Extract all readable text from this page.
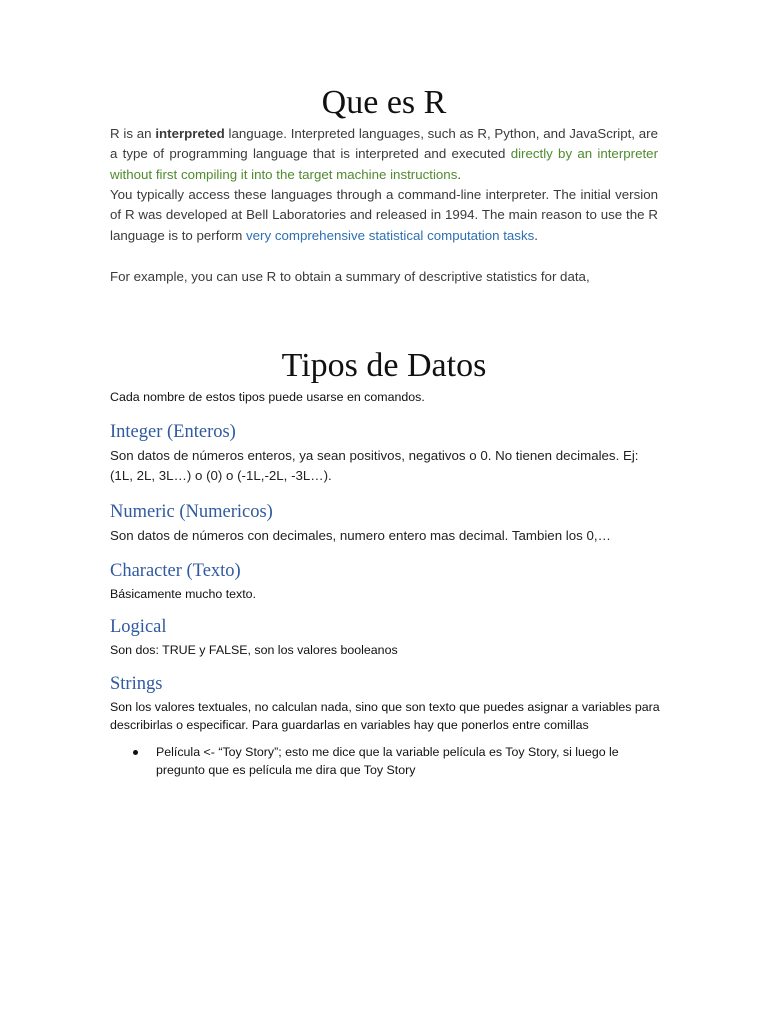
Que es R

R is an interpreted language. Interpreted languages, such as R, Python, and JavaScript, are a type of programming language that is interpreted and executed directly by an interpreter without first compiling it into the target machine instructions.

You typically access these languages through a command-line interpreter. The initial version of R was developed at Bell Laboratories and released in 1994. The main reason to use the R language is to perform very comprehensive statistical computation tasks.

For example, you can use R to obtain a summary of descriptive statistics for data,

Tipos de Datos

Cada nombre de estos tipos puede usarse en comandos.

Integer (Enteros)

Son datos de números enteros, ya sean positivos, negativos o 0. No tienen decimales. Ej: (1L, 2L, 3L…) o (0) o (-1L,-2L, -3L…).

Numeric (Numericos)

Son datos de números con decimales, numero entero mas decimal. Tambien los 0,…

Character (Texto)

Básicamente mucho texto.

Logical

Son dos: TRUE y FALSE, son los valores booleanos

Strings

Son los valores textuales, no calculan nada, sino que son texto que puedes asignar a variables para describirlas o especificar. Para guardarlas en variables hay que ponerlos entre comillas

Película <- “Toy Story”; esto me dice que la variable película es Toy Story, si luego le pregunto que es película me dira que Toy Story
